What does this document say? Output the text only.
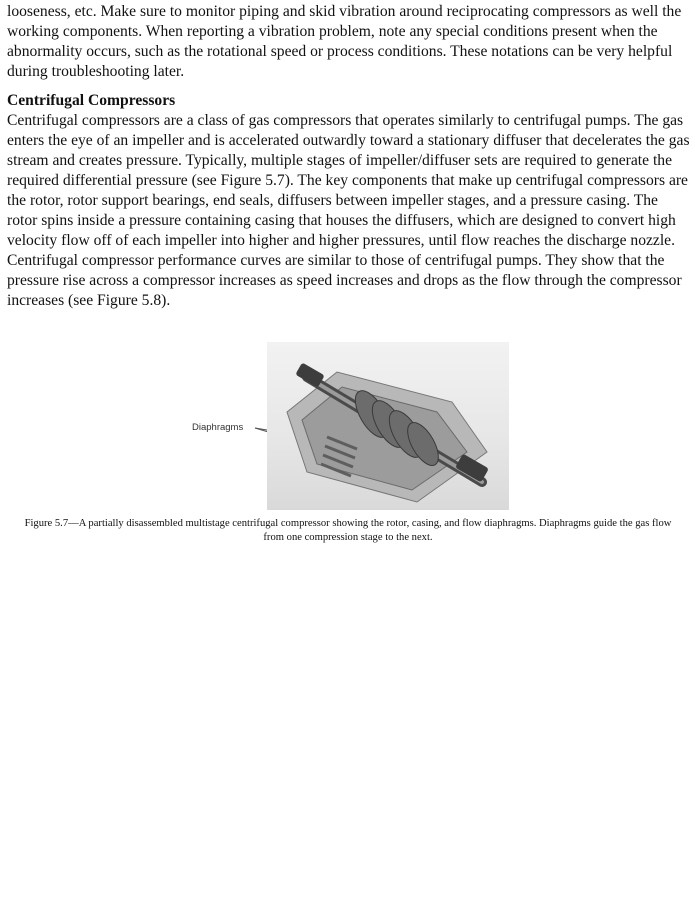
looseness, etc. Make sure to monitor piping and skid vibration around reciprocating compressors as well the working components. When reporting a vibration problem, note any special conditions present when the abnormality occurs, such as the rotational speed or process conditions. These notations can be very helpful during troubleshooting later.

Centrifugal Compressors

Centrifugal compressors are a class of gas compressors that operates similarly to centrifugal pumps. The gas enters the eye of an impeller and is accelerated outwardly toward a stationary diffuser that decelerates the gas stream and creates pressure. Typically, multiple stages of impeller/diffuser sets are required to generate the required differential pressure (see Figure 5.7). The key components that make up centrifugal compressors are the rotor, rotor support bearings, end seals, diffusers between impeller stages, and a pressure casing. The rotor spins inside a pressure containing casing that houses the diffusers, which are designed to convert high velocity flow off of each impeller into higher and higher pressures, until flow reaches the discharge nozzle. Centrifugal compressor performance curves are similar to those of centrifugal pumps. They show that the pressure rise across a compressor increases as speed increases and drops as the flow through the compressor increases (see Figure 5.8).

Diaphragms
Figure 5.7—A partially disassembled multistage centrifugal compressor showing the rotor, casing, and flow diaphragms. Diaphragms guide the gas flow from one compression stage to the next.
